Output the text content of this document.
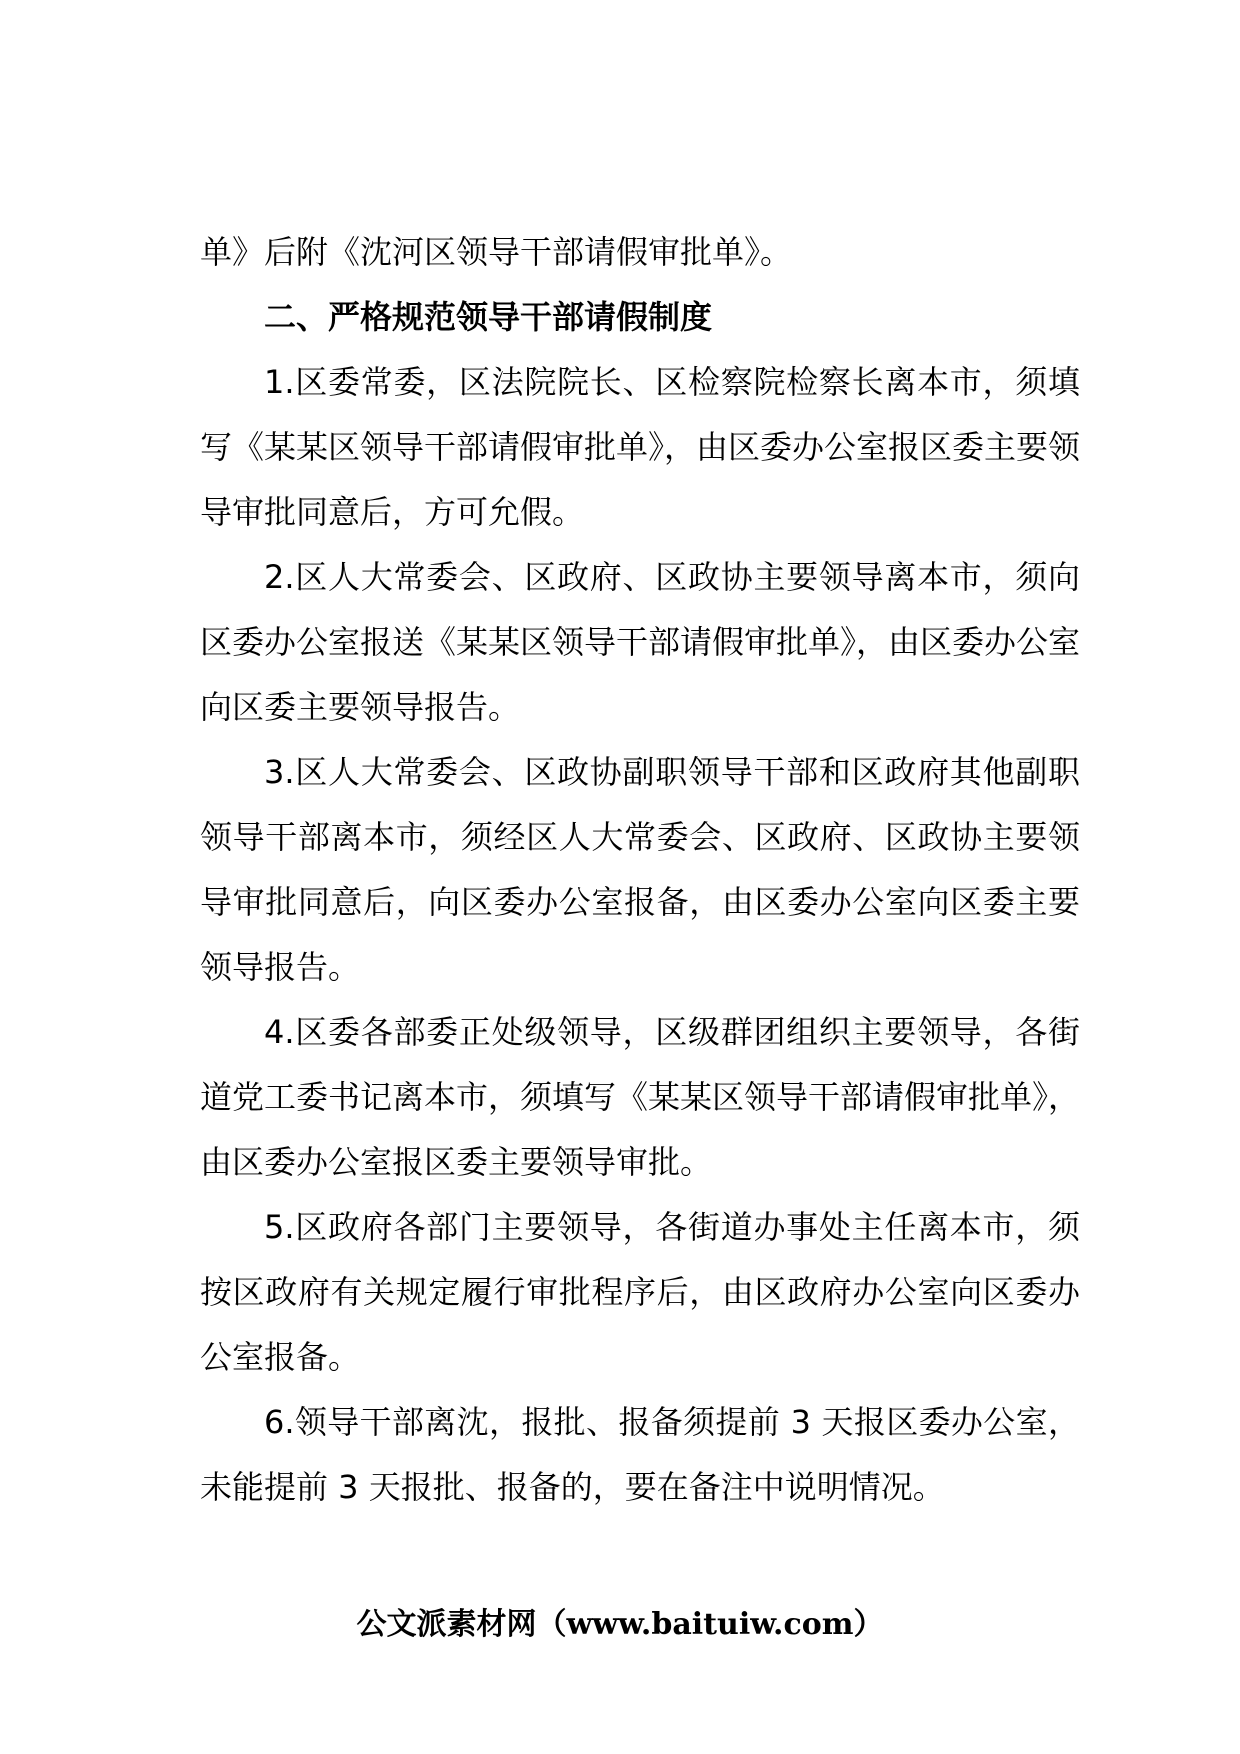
单》后附《沈河区领导干部请假审批单》。

二、严格规范领导干部请假制度

1.区委常委，区法院院长、区检察院检察长离本市，须填写《某某区领导干部请假审批单》，由区委办公室报区委主要领导审批同意后，方可允假。

2.区人大常委会、区政府、区政协主要领导离本市，须向区委办公室报送《某某区领导干部请假审批单》，由区委办公室向区委主要领导报告。

3.区人大常委会、区政协副职领导干部和区政府其他副职领导干部离本市，须经区人大常委会、区政府、区政协主要领导审批同意后，向区委办公室报备，由区委办公室向区委主要领导报告。

4.区委各部委正处级领导，区级群团组织主要领导，各街道党工委书记离本市，须填写《某某区领导干部请假审批单》，由区委办公室报区委主要领导审批。

5.区政府各部门主要领导，各街道办事处主任离本市，须按区政府有关规定履行审批程序后，由区政府办公室向区委办公室报备。

6.领导干部离沈，报批、报备须提前 3 天报区委办公室，未能提前 3 天报批、报备的，要在备注中说明情况。

公文派素材网（www.baituiw.com）
